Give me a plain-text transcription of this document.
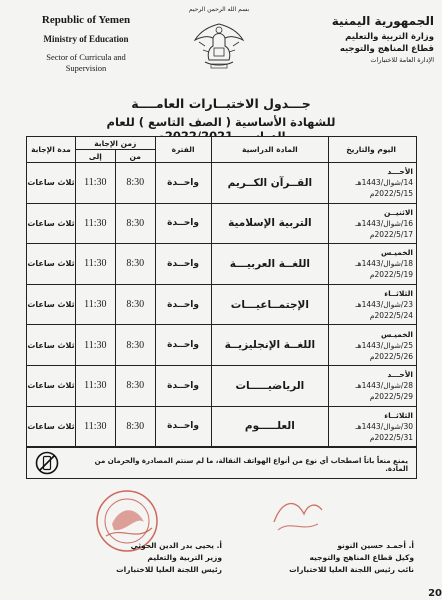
Republic of Yemen
Ministry of Education
Sector of Curricula and Supervision
بسم الله الرحمن الرحيم
الجمهورية اليمنية
وزارة التربية والتعليم
قطاع المناهج والتوجيه
الإدارة العامة للاختبارات
جـــدول الاختبــارات العامــــة
للشهادة الأساسية ( الصف التاسع ) للعام
اليوم والتاريخ	المادة الدراسية	الفترة	زمن الإجابة		مدة الإجابة
			من	إلى	

الأحـــد
14/شوال/1443هـ
2022/5/15م	القــرآن الكــريم	واحــدة	8:30	11:30	ثلاث ساعات

الاثنيــن
16/شوال/1443هـ
2022/5/17م	التربية الإسلامية	واحــدة	8:30	11:30	ثلاث ساعات

الخميـس
18/شوال/1443هـ
2022/5/19م	اللغــة العربيـــة	واحــدة	8:30	11:30	ثلاث ساعات

الثلاثــاء
23/شوال/1443هـ
2022/5/24م	الإجتمــاعيـــات	واحــدة	8:30	11:30	ثلاث ساعات

الخميـس
25/شوال/1443هـ
2022/5/26م	اللغــة الإنجليزيــة	واحــدة	8:30	11:30	ثلاث ساعات

الأحـــد
28/شوال/1443هـ
2022/5/29م	الرياضيـــــات	واحــدة	8:30	11:30	ثلاث ساعات

الثلاثــاء
30/شوال/1443هـ
2022/5/31م	العلـــــوم	واحــدة	8:30	11:30	ثلاث ساعات
يمنع منعاً باتاً اصطحاب أي نوع من أنواع الهواتف النقالة، ما لم سنتم المصادرة والحرمان من المادة.
أ. أحمـد حسين النونو
وكيل قطاع المناهج والتوجيه
نائب رئيس اللجنة العليا للاختبارات
أ. يحيى بدر الدين الحوثي
وزير التربية والتعليم
رئيس اللجنة العليا للاختبارات
20
